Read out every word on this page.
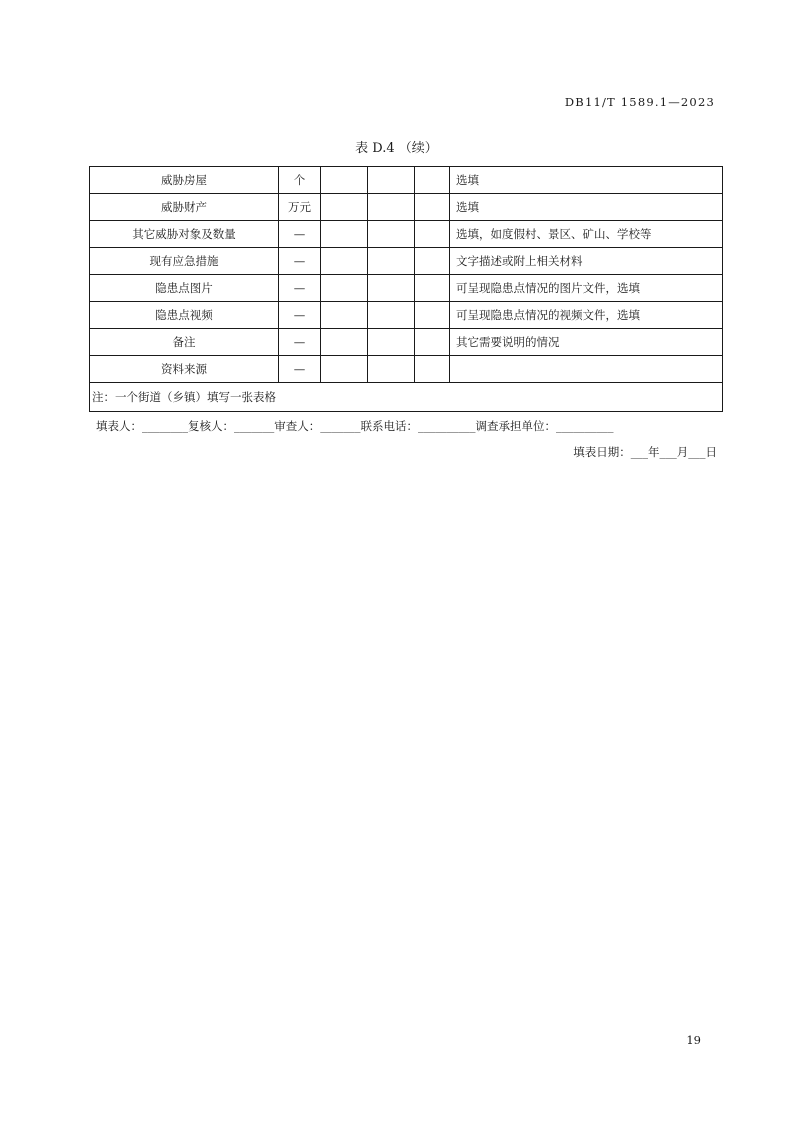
DB11/T 1589.1—2023
表 D.4 （续）
威胁房屋	个				选填
威胁财产	万元				选填
其它威胁对象及数量	—				选填，如度假村、景区、矿山、学校等
现有应急措施	—				文字描述或附上相关材料
隐患点图片	—				可呈现隐患点情况的图片文件，选填
隐患点视频	—				可呈现隐患点情况的视频文件，选填
备注	—				其它需要说明的情况
资料来源	—				
注：一个街道（乡镇）填写一张表格					
填表人：________复核人：_______审查人：_______联系电话：__________调查承担单位：__________
填表日期：___年___月___日
19
